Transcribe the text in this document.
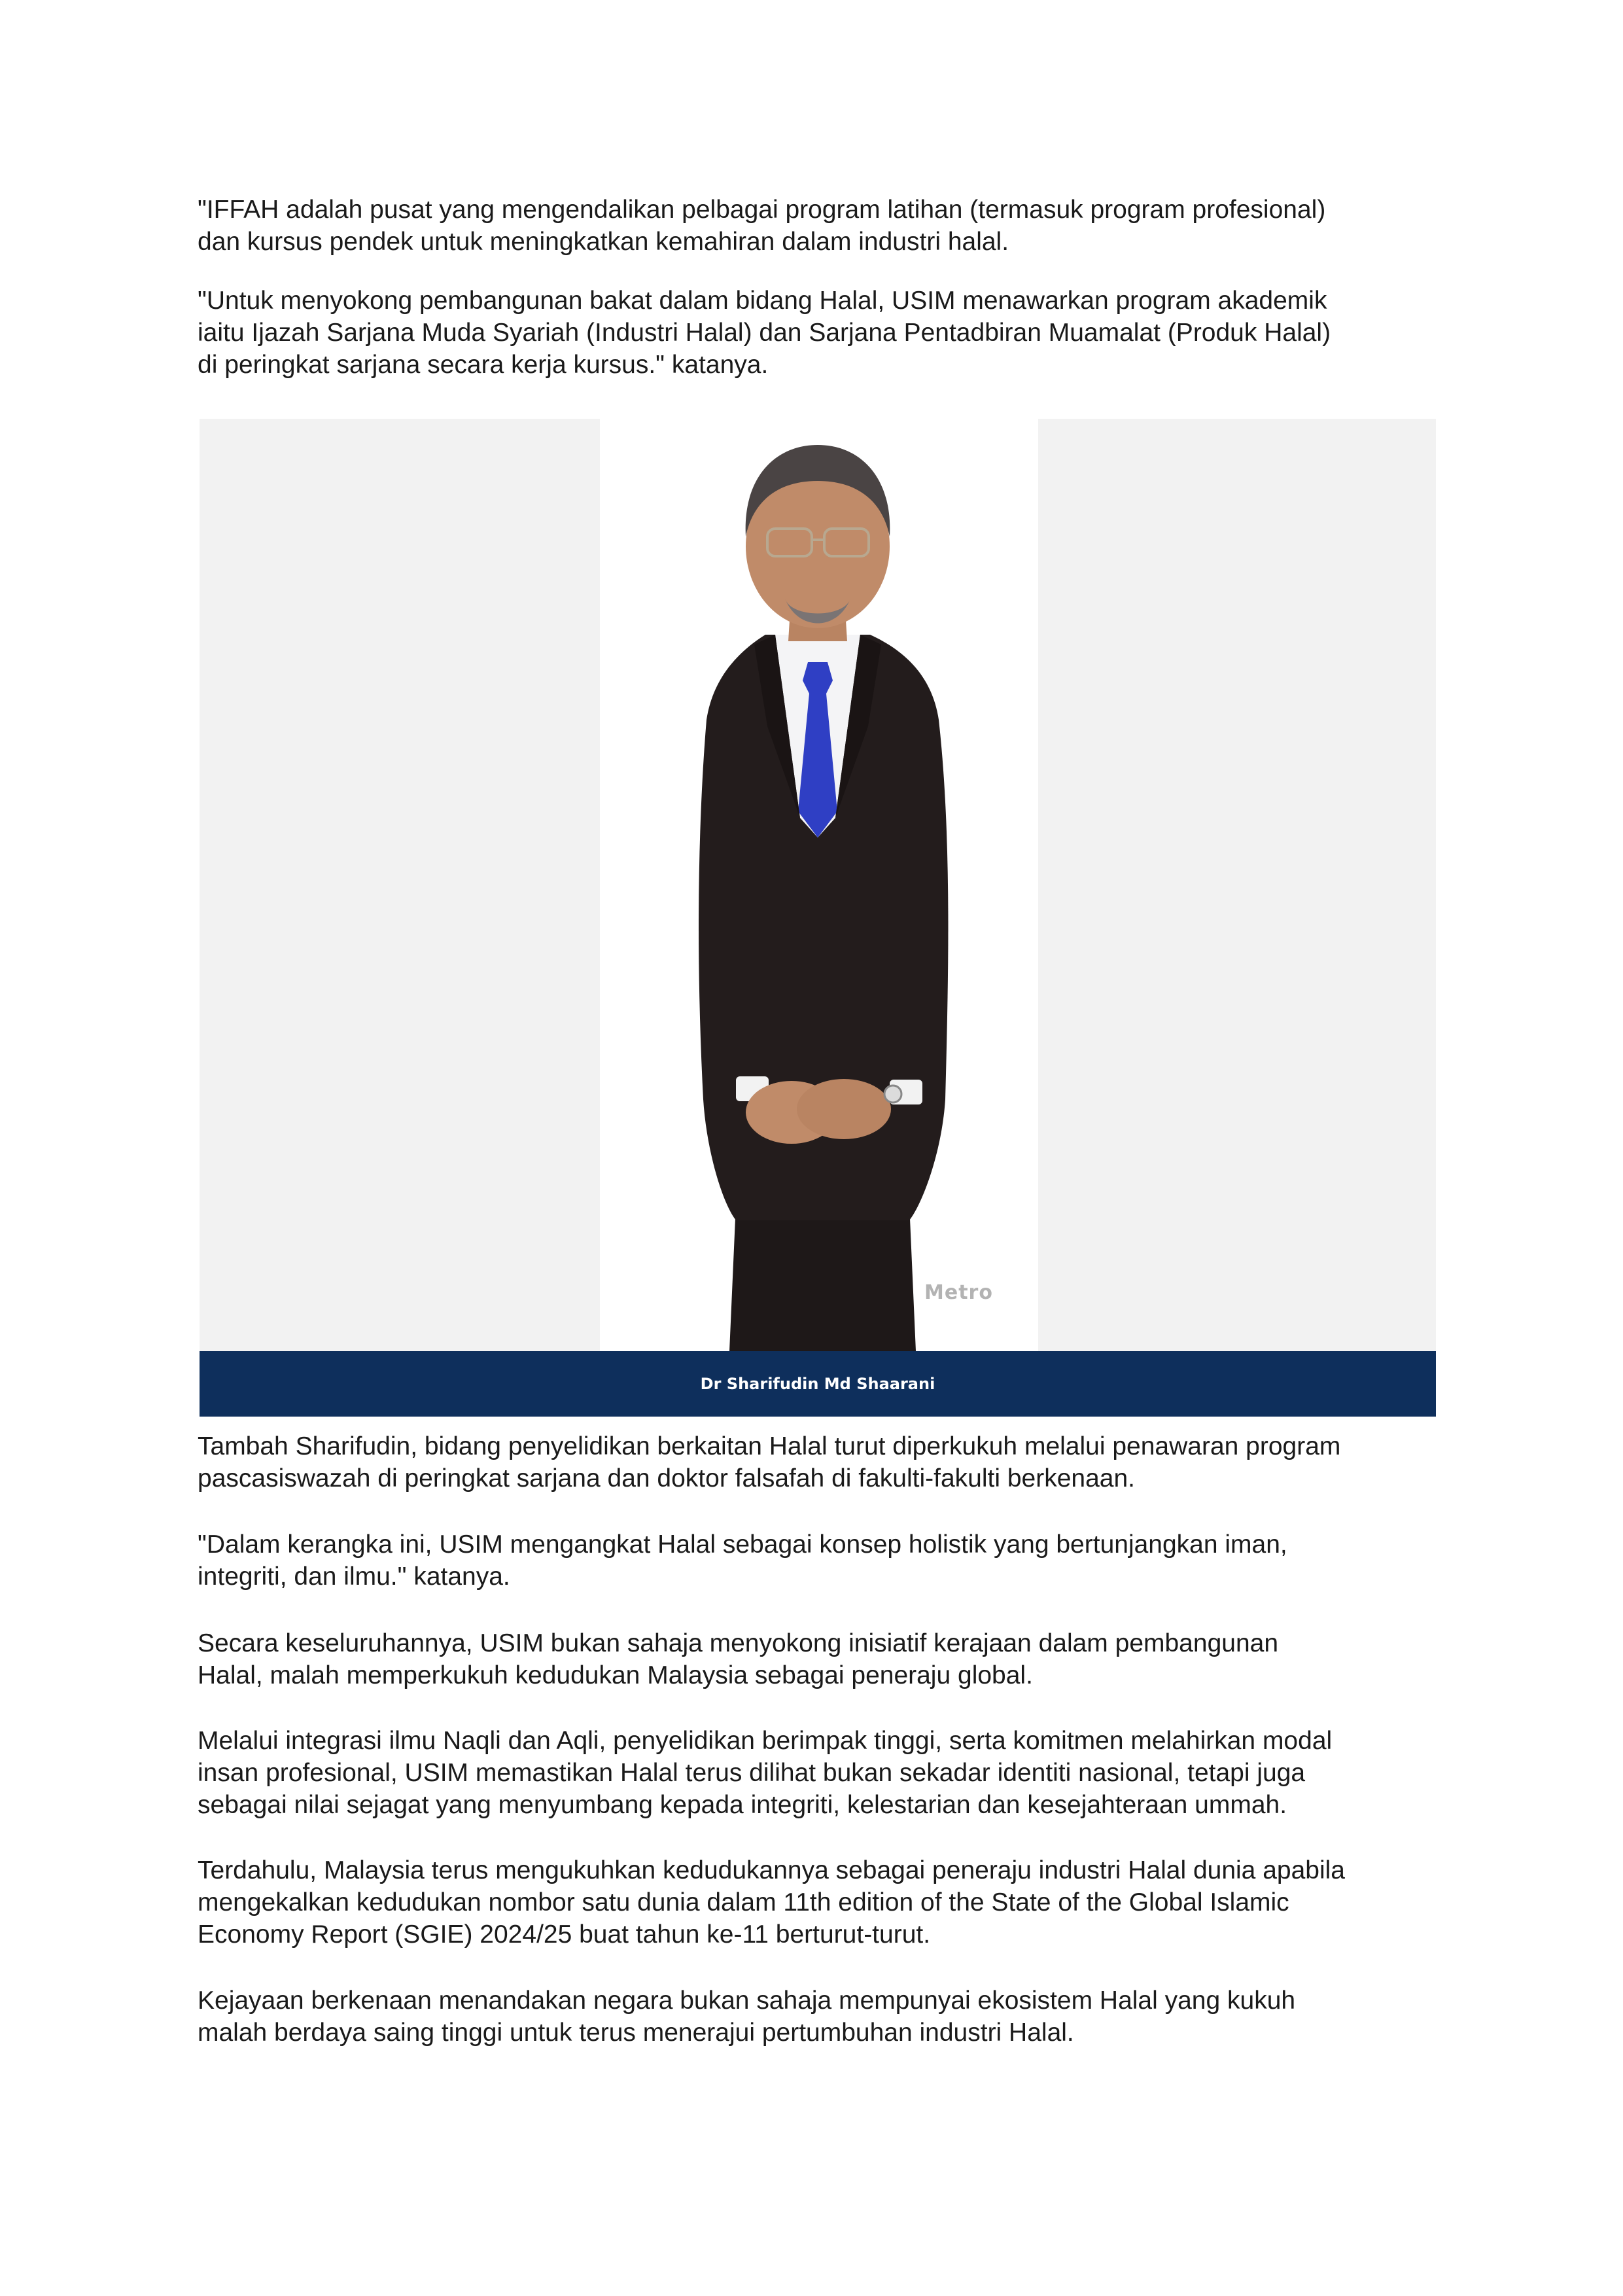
"IFFAH adalah pusat yang mengendalikan pelbagai program latihan (termasuk program profesional)
dan kursus pendek untuk meningkatkan kemahiran dalam industri halal.

"Untuk menyokong pembangunan bakat dalam bidang Halal, USIM menawarkan program akademik
iaitu Ijazah Sarjana Muda Syariah (Industri Halal) dan Sarjana Pentadbiran Muamalat (Produk Halal)
di peringkat sarjana secara kerja kursus." katanya.

Metro
Dr Sharifudin Md Shaarani

Tambah Sharifudin, bidang penyelidikan berkaitan Halal turut diperkukuh melalui penawaran program
pascasiswazah di peringkat sarjana dan doktor falsafah di fakulti-fakulti berkenaan.

"Dalam kerangka ini, USIM mengangkat Halal sebagai konsep holistik yang bertunjangkan iman,
integriti, dan ilmu." katanya.

Secara keseluruhannya, USIM bukan sahaja menyokong inisiatif kerajaan dalam pembangunan
Halal, malah memperkukuh kedudukan Malaysia sebagai peneraju global.

Melalui integrasi ilmu Naqli dan Aqli, penyelidikan berimpak tinggi, serta komitmen melahirkan modal
insan profesional, USIM memastikan Halal terus dilihat bukan sekadar identiti nasional, tetapi juga
sebagai nilai sejagat yang menyumbang kepada integriti, kelestarian dan kesejahteraan ummah.

Terdahulu, Malaysia terus mengukuhkan kedudukannya sebagai peneraju industri Halal dunia apabila
mengekalkan kedudukan nombor satu dunia dalam 11th edition of the State of the Global Islamic
Economy Report (SGIE) 2024/25 buat tahun ke-11 berturut-turut.

Kejayaan berkenaan menandakan negara bukan sahaja mempunyai ekosistem Halal yang kukuh
malah berdaya saing tinggi untuk terus menerajui pertumbuhan industri Halal.
